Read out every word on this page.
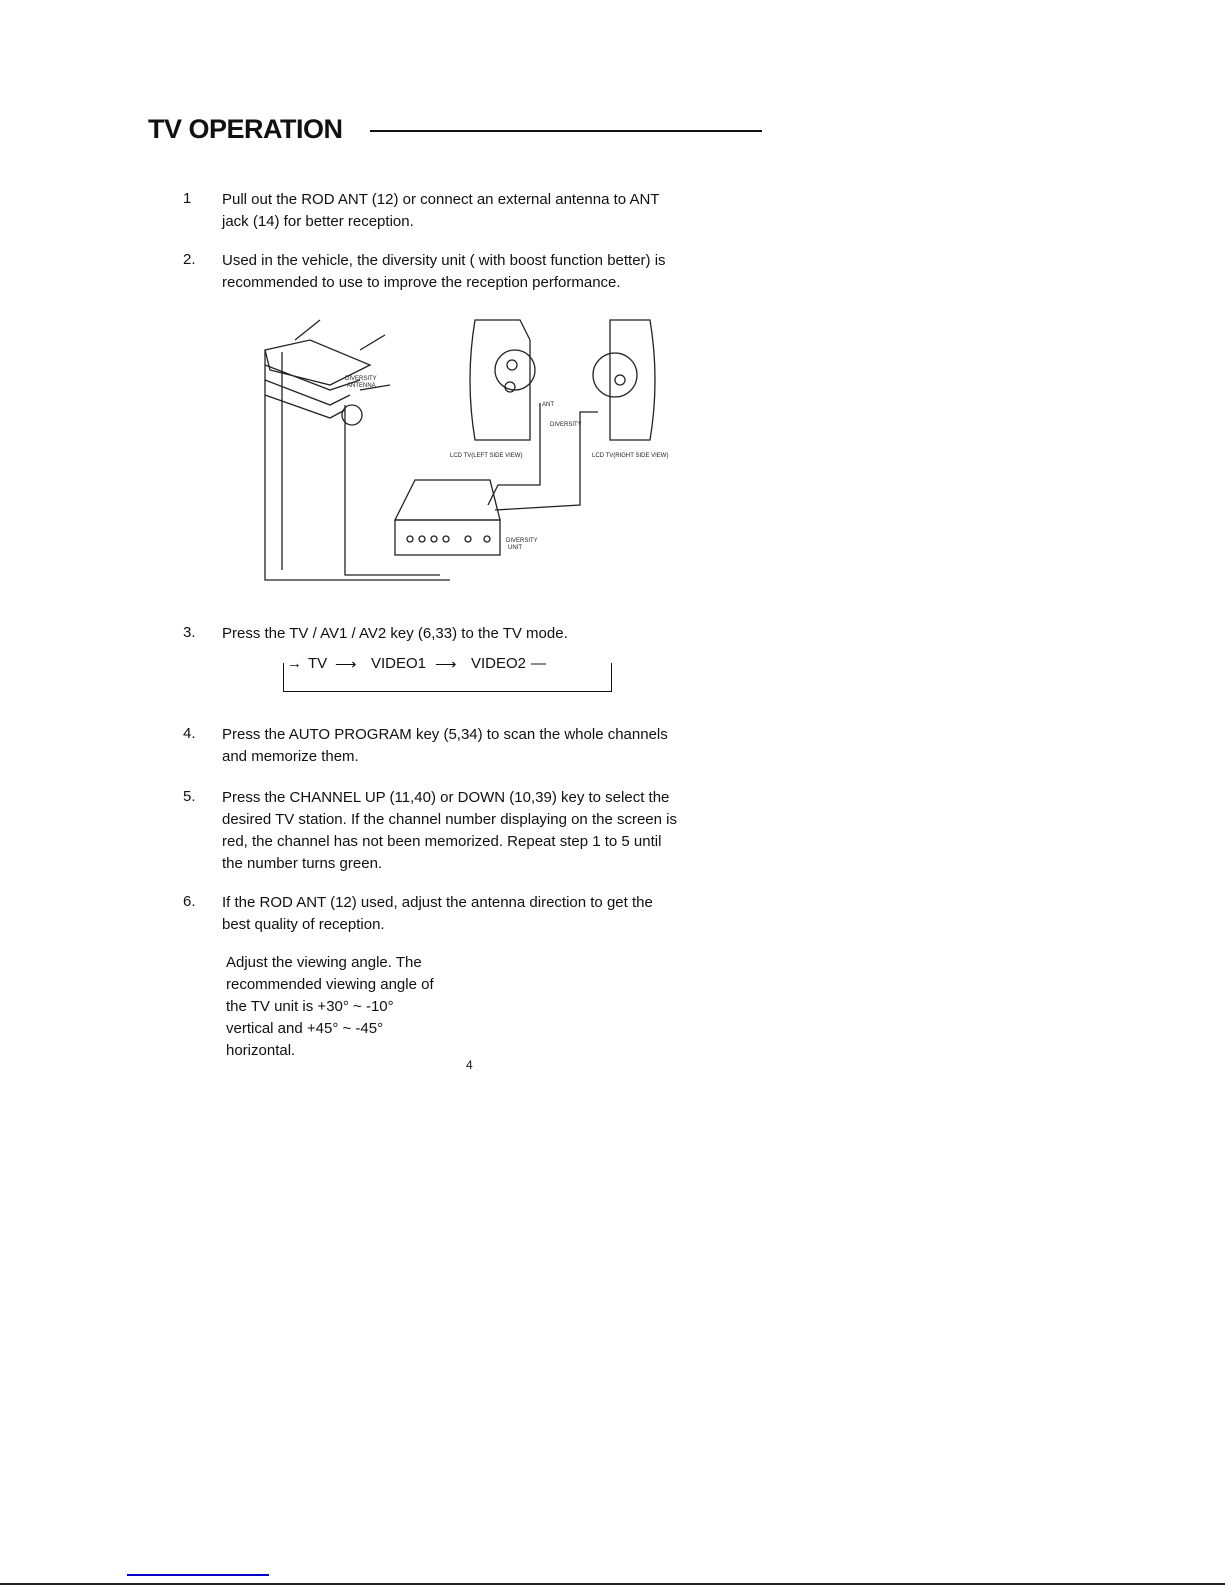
TV OPERATION
1 Pull out the ROD ANT (12) or connect an external antenna to ANT
jack (14) for better reception.
2. Used in the vehicle, the diversity unit ( with boost function better) is
recommended to use to improve the reception performance.
DIVERSITY
ANTENNA
ANT
DIVERSITY
LCD TV(LEFT SIDE VIEW)	LCD TV(RIGHT SIDE VIEW)
DIVERSITY
UNIT
3. Press the TV / AV1 / AV2 key (6,33) to the TV mode.
→ TV ⟶ VIDEO1 ⟶ VIDEO2 —
4. Press the AUTO PROGRAM key (5,34) to scan the whole channels
and memorize them.
5. Press the CHANNEL UP (11,40) or DOWN (10,39) key to select the
desired TV station. If the channel number displaying on the screen is
red, the channel has not been memorized. Repeat step 1 to 5 until
the number turns green.
6. If the ROD ANT (12) used, adjust the antenna direction to get the
best quality of reception.
Adjust the viewing angle. The
recommended viewing angle of
the TV unit is +30° ~ -10°
vertical and +45° ~ -45°
horizontal.
4
